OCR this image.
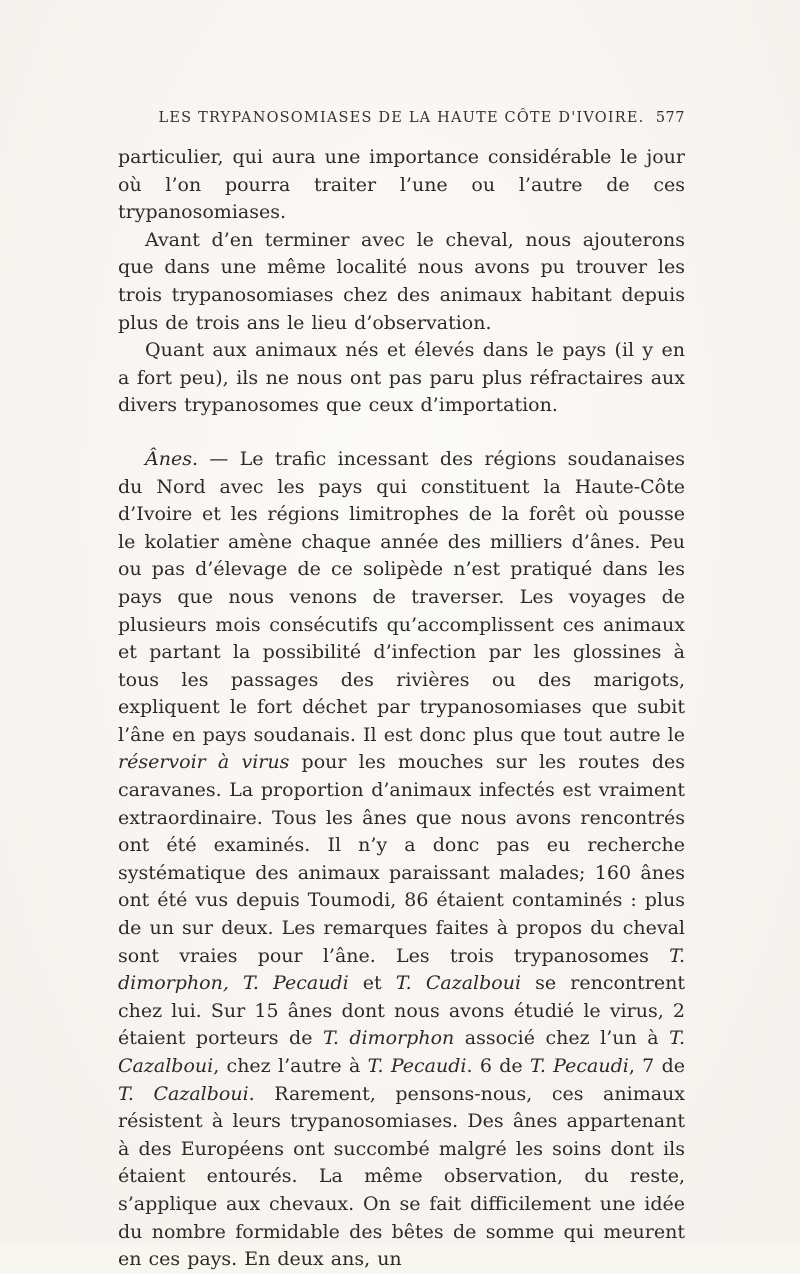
LES TRYPANOSOMIASES DE LA HAUTE CÔTE D'IVOIRE. 577

particulier, qui aura une importance considérable le jour où l’on pourra traiter l’une ou l’autre de ces trypanosomiases.

Avant d’en terminer avec le cheval, nous ajouterons que dans une même localité nous avons pu trouver les trois trypanosomiases chez des animaux habitant depuis plus de trois ans le lieu d’observation.

Quant aux animaux nés et élevés dans le pays (il y en a fort peu), ils ne nous ont pas paru plus réfractaires aux divers trypanosomes que ceux d’importation.

Ânes. — Le trafic incessant des régions soudanaises du Nord avec les pays qui constituent la Haute-Côte d’Ivoire et les régions limitrophes de la forêt où pousse le kolatier amène chaque année des milliers d’ânes. Peu ou pas d’élevage de ce solipède n’est pratiqué dans les pays que nous venons de traverser. Les voyages de plusieurs mois consécutifs qu’accomplissent ces animaux et partant la possibilité d’infection par les glossines à tous les passages des rivières ou des marigots, expliquent le fort déchet par trypanosomiases que subit l’âne en pays soudanais. Il est donc plus que tout autre le réservoir à virus pour les mouches sur les routes des caravanes. La proportion d’animaux infectés est vraiment extraordinaire. Tous les ânes que nous avons rencontrés ont été examinés. Il n’y a donc pas eu recherche systématique des animaux paraissant malades; 160 ânes ont été vus depuis Toumodi, 86 étaient contaminés : plus de un sur deux. Les remarques faites à propos du cheval sont vraies pour l’âne. Les trois trypanosomes T. dimorphon, T. Pecaudi et T. Cazalboui se rencontrent chez lui. Sur 15 ânes dont nous avons étudié le virus, 2 étaient porteurs de T. dimorphon associé chez l’un à T. Cazalboui, chez l’autre à T. Pecaudi. 6 de T. Pecaudi, 7 de T. Cazalboui. Rarement, pensons-nous, ces animaux résistent à leurs trypanosomiases. Des ânes appartenant à des Européens ont succombé malgré les soins dont ils étaient entourés. La même observation, du reste, s’applique aux chevaux. On se fait difficilement une idée du nombre formidable des bêtes de somme qui meurent en ces pays. En deux ans, un
